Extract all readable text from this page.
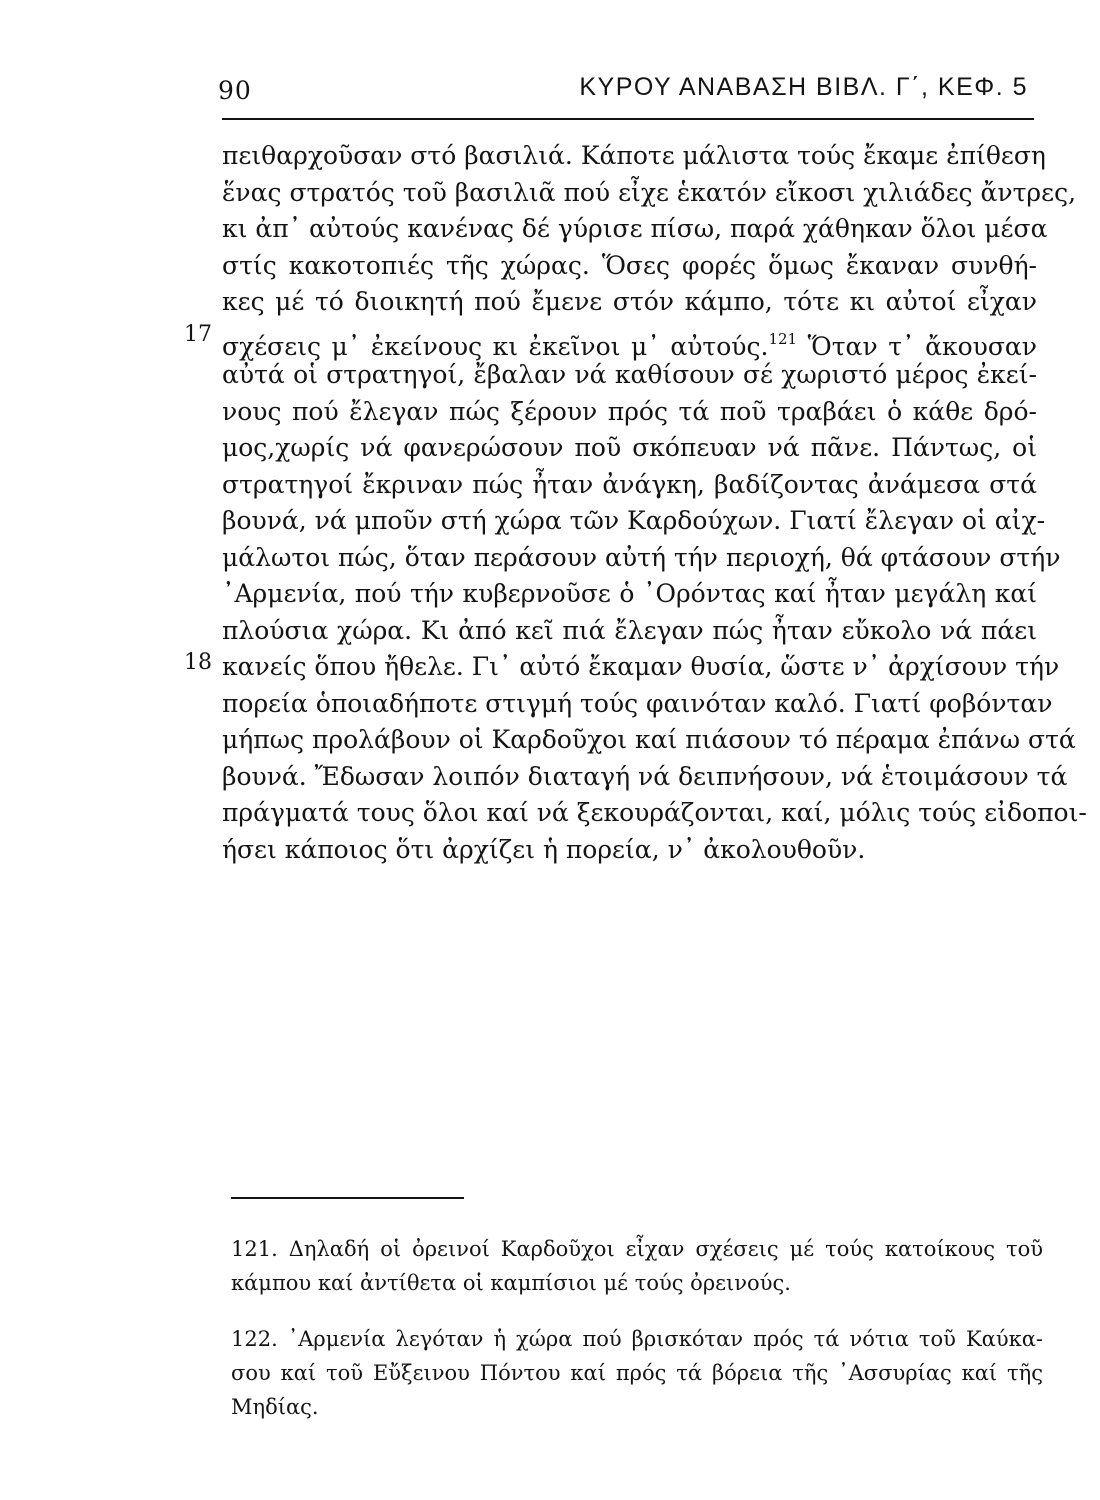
90	ΚΥΡΟΥ ΑΝΑΒΑΣΗ ΒΙΒΛ. Γ΄, ΚΕΦ. 5
17
18
πειθαρχοῦσαν στό βασιλιά. Κάποτε μάλιστα τούς ἔκαμε ἐπίθεση
ἕνας στρατός τοῦ βασιλιᾶ πού εἶχε ἑκατόν εἴκοσι χιλιάδες ἄντρες,
κι ἀπ᾽ αὐτούς κανένας δέ γύρισε πίσω, παρά χάθηκαν ὅλοι μέσα
στίς κακοτοπιές τῆς χώρας. Ὅσες φορές ὅμως ἔκαναν συνθή-
κες μέ τό διοικητή πού ἔμενε στόν κάμπο, τότε κι αὐτοί εἶχαν
σχέσεις μ᾽ ἐκείνους κι ἐκεῖνοι μ᾽ αὐτούς.$^{121}$ Ὅταν τ᾽ ἄκουσαν
αὐτά οἱ στρατηγοί, ἔβαλαν νά καθίσουν σέ χωριστό μέρος ἐκεί-
νους πού ἔλεγαν πώς ξέρουν πρός τά ποῦ τραβάει ὁ κάθε δρό-
μος,χωρίς νά φανερώσουν ποῦ σκόπευαν νά πᾶνε. Πάντως, οἱ
στρατηγοί ἔκριναν πώς ἦταν ἀνάγκη, βαδίζοντας ἀνάμεσα στά
βουνά, νά μποῦν στή χώρα τῶν Καρδούχων. Γιατί ἔλεγαν οἱ αἰχ-
μάλωτοι πώς, ὅταν περάσουν αὐτή τήν περιοχή, θά φτάσουν στήν
᾽Αρμενία, πού τήν κυβερνοῦσε ὁ ᾽Ορόντας καί ἦταν μεγάλη καί
πλούσια χώρα. Κι ἀπό κεῖ πιά ἔλεγαν πώς ἦταν εὔκολο νά πάει
κανείς ὅπου ἤθελε. Γι᾽ αὐτό ἔκαμαν θυσία, ὥστε ν᾽ ἀρχίσουν τήν
πορεία ὁποιαδήποτε στιγμή τούς φαινόταν καλό. Γιατί φοβόνταν
μήπως προλάβουν οἱ Καρδοῦχοι καί πιάσουν τό πέραμα ἐπάνω στά
βουνά. Ἔδωσαν λοιπόν διαταγή νά δειπνήσουν, νά ἑτοιμάσουν τά
πράγματά τους ὅλοι καί νά ξεκουράζονται, καί, μόλις τούς εἰδοποι-
ήσει κάποιος ὅτι ἀρχίζει ἡ πορεία, ν᾽ ἀκολουθοῦν.
121. Δηλαδή οἱ ὀρεινοί Καρδοῦχοι εἶχαν σχέσεις μέ τούς κατοίκους τοῦ
κάμπου καί ἀντίθετα οἱ καμπίσιοι μέ τούς ὀρεινούς.
122. ᾽Αρμενία λεγόταν ἡ χώρα πού βρισκόταν πρός τά νότια τοῦ Καύκα-
σου καί τοῦ Εὔξεινου Πόντου καί πρός τά βόρεια τῆς ᾽Ασσυρίας καί τῆς
Μηδίας.
